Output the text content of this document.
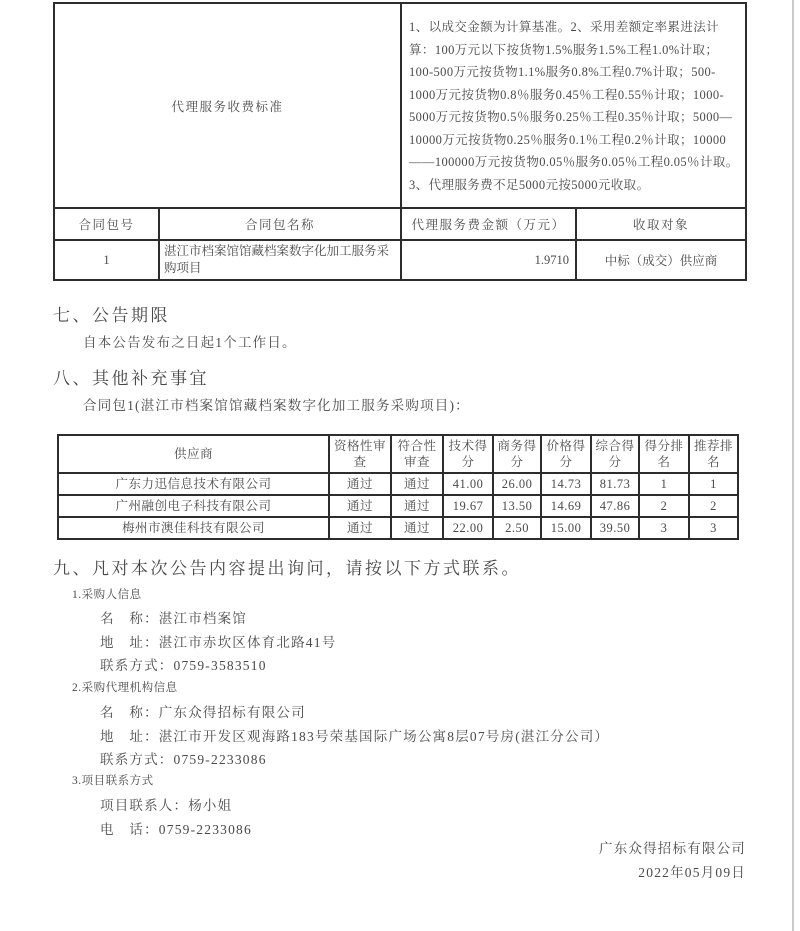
代理服务收费标准		1、以成交金额为计算基准。2、采用差额定率累进法计算：100万元以下按货物1.5%服务1.5%工程1.0%计取；100-500万元按货物1.1%服务0.8%工程0.7%计取；500-1000万元按货物0.8％服务0.45％工程0.55％计取；1000-5000万元按货物0.5％服务0.25％工程0.35％计取；5000—10000万元按货物0.25％服务0.1％工程0.2％计取；10000——100000万元按货物0.05％服务0.05％工程0.05％计取。3、代理服务费不足5000元按5000元收取。	
合同包号	合同包名称	代理服务费金额（万元）	收取对象
1	湛江市档案馆馆藏档案数字化加工服务采购项目	1.9710	中标（成交）供应商
七、公告期限
自本公告发布之日起1个工作日。
八、其他补充事宜
合同包1(湛江市档案馆馆藏档案数字化加工服务采购项目)：
供应商	资格性审查	符合性审查	技术得分	商务得分	价格得分	综合得分	得分排名	推荐排名
广东力迅信息技术有限公司	通过	通过	41.00	26.00	14.73	81.73	1	1
广州融创电子科技有限公司	通过	通过	19.67	13.50	14.69	47.86	2	2
梅州市澳佳科技有限公司	通过	通过	22.00	2.50	15.00	39.50	3	3
九、凡对本次公告内容提出询问，请按以下方式联系。
1.采购人信息
名　称：湛江市档案馆
地　址：湛江市赤坎区体育北路41号
联系方式：0759-3583510
2.采购代理机构信息
名　称：广东众得招标有限公司
地　址：湛江市开发区观海路183号荣基国际广场公寓8层07号房(湛江分公司）
联系方式：0759-2233086
3.项目联系方式
项目联系人：杨小姐
电　话：0759-2233086
广东众得招标有限公司
2022年05月09日
